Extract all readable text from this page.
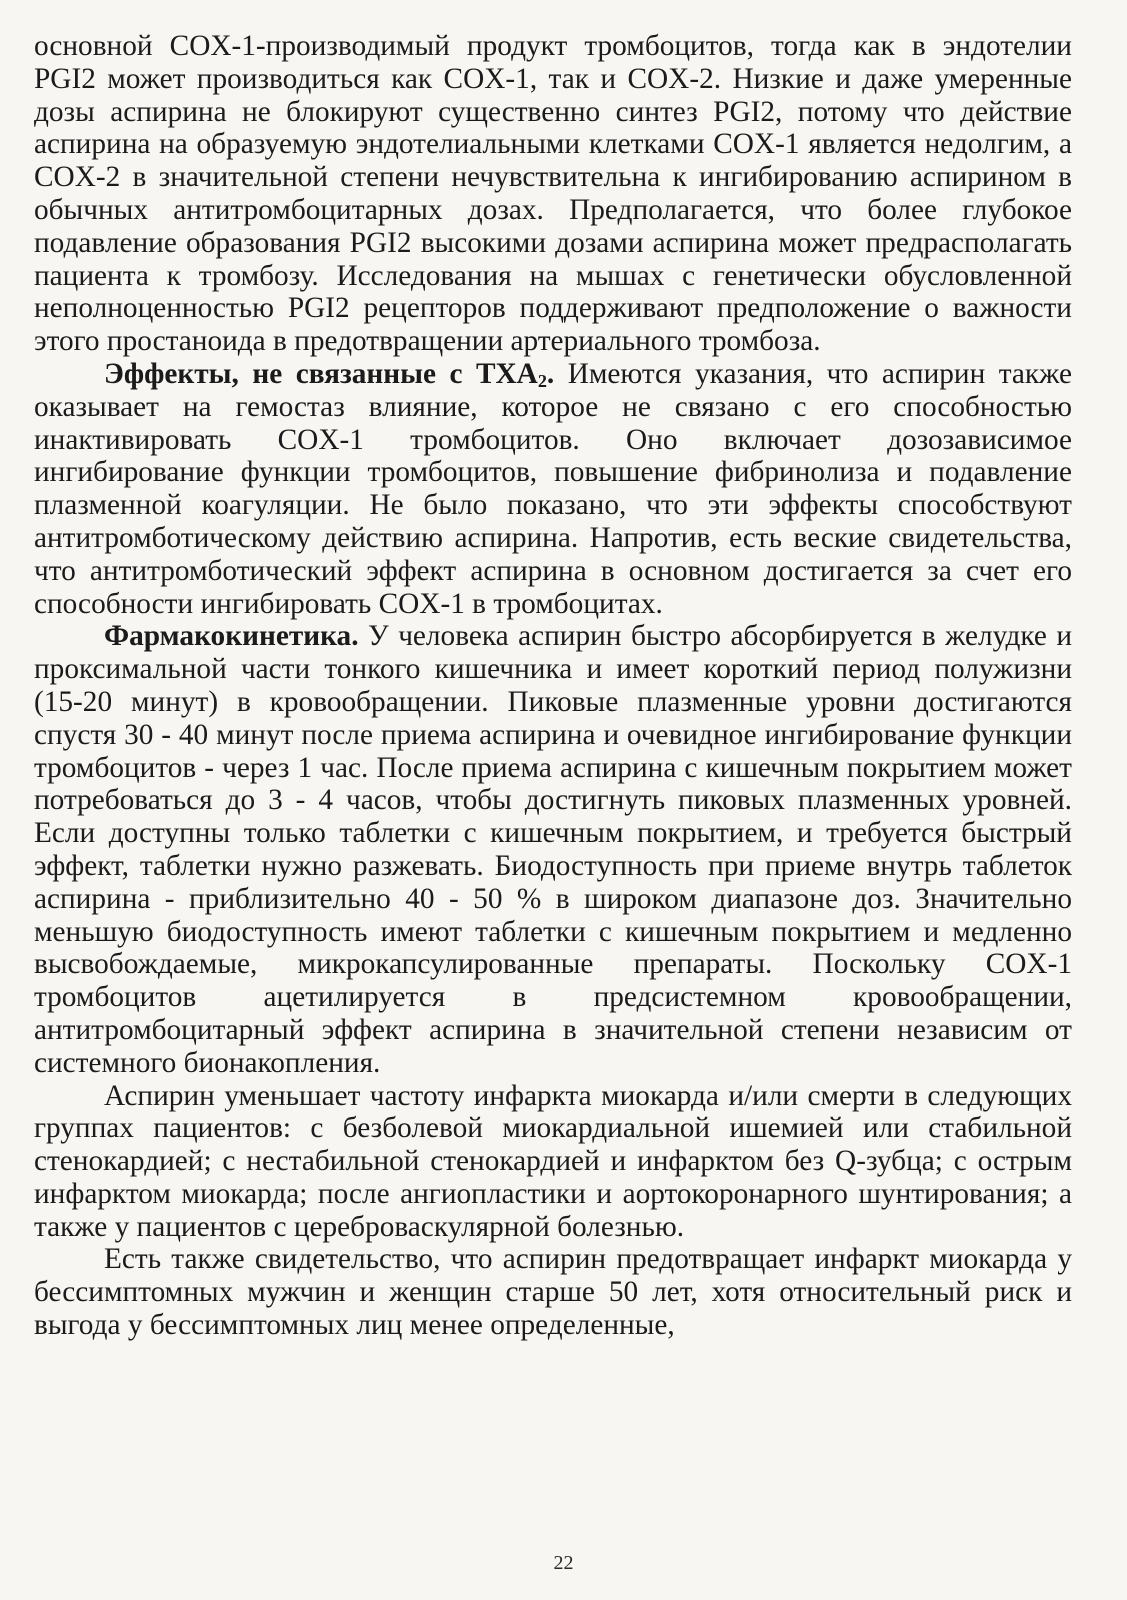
основной COX-1-производимый продукт тромбоцитов, тогда как в эндотелии PGI2 может производиться как COX-1, так и COX-2. Низкие и даже умеренные дозы аспирина не блокируют существенно синтез PGI2, потому что действие аспирина на образуемую эндотелиальными клетками COX-1 является недолгим, а COX-2 в значительной степени нечувствительна к ингибированию аспирином в обычных антитромбоцитарных дозах. Предполагается, что более глубокое подавление образования PGI2 высокими дозами аспирина может предрасполагать пациента к тромбозу. Исследования на мышах с генетически обусловленной неполноценностью PGI2 рецепторов поддерживают предположение о важности этого простаноида в предотвращении артериального тромбоза.

Эффекты, не связанные с $TXA_2$. Имеются указания, что аспирин также оказывает на гемостаз влияние, которое не связано с его способностью инактивировать COX-1 тромбоцитов. Оно включает дозозависимое ингибирование функции тромбоцитов, повышение фибринолиза и подавление плазменной коагуляции. Не было показано, что эти эффекты способствуют антитромботическому действию аспирина. Напротив, есть веские свидетельства, что антитромботический эффект аспирина в основном достигается за счет его способности ингибировать COX-1 в тромбоцитах.

Фармакокинетика. У человека аспирин быстро абсорбируется в желудке и проксимальной части тонкого кишечника и имеет короткий период полужизни (15-20 минут) в кровообращении. Пиковые плазменные уровни достигаются спустя 30 - 40 минут после приема аспирина и очевидное ингибирование функции тромбоцитов - через 1 час. После приема аспирина с кишечным покрытием может потребоваться до 3 - 4 часов, чтобы достигнуть пиковых плазменных уровней. Если доступны только таблетки с кишечным покрытием, и требуется быстрый эффект, таблетки нужно разжевать. Биодоступность при приеме внутрь таблеток аспирина - приблизительно 40 - 50 % в широком диапазоне доз. Значительно меньшую биодоступность имеют таблетки с кишечным покрытием и медленно высвобождаемые, микрокапсулированные препараты. Поскольку COX-1 тромбоцитов ацетилируется в предсистемном кровообращении, антитромбоцитарный эффект аспирина в значительной степени независим от системного бионакопления.

Аспирин уменьшает частоту инфаркта миокарда и/или смерти в следующих группах пациентов: с безболевой миокардиальной ишемией или стабильной стенокардией; с нестабильной стенокардией и инфарктом без Q-зубца; с острым инфарктом миокарда; после ангиопластики и аортокоронарного шунтирования; а также у пациентов с цереброваскулярной болезнью.

Есть также свидетельство, что аспирин предотвращает инфаркт миокарда у бессимптомных мужчин и женщин старше 50 лет, хотя относительный риск и выгода у бессимптомных лиц менее определенные,

22
